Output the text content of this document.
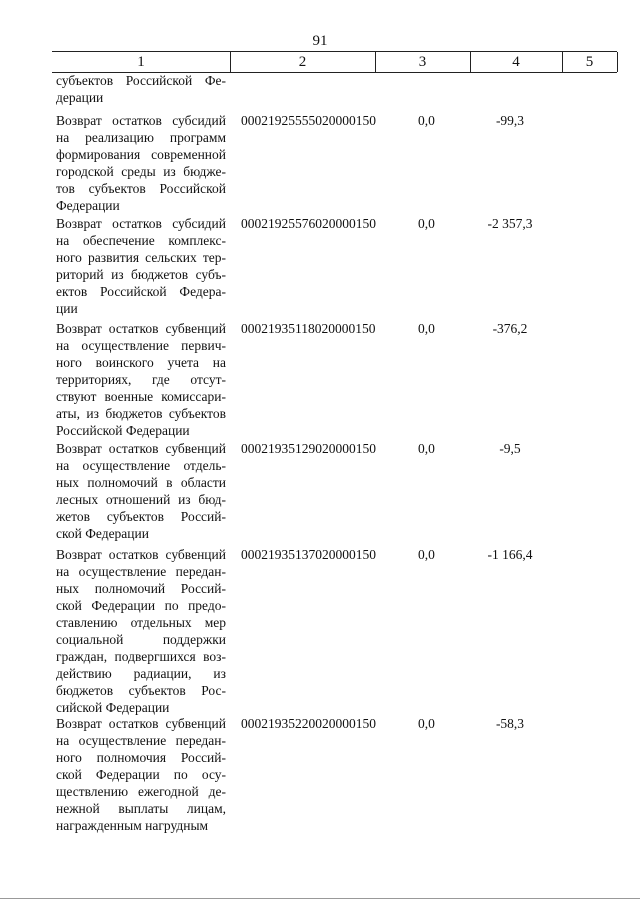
91
1	2	3	4	5
субъектов Российской Фе-
дерации
Возврат остатков субсидий
на реализацию программ
формирования современной
городской среды из бюдже-
тов субъектов Российской
Федерации
00021925555020000150	0,0	-99,3
Возврат остатков субсидий
на обеспечение комплекс-
ного развития сельских тер-
риторий из бюджетов субъ-
ектов Российской Федера-
ции
00021925576020000150	0,0	-2 357,3
Возврат остатков субвенций
на осуществление первич-
ного воинского учета на
территориях, где отсут-
ствуют военные комиссари-
аты, из бюджетов субъектов
Российской Федерации
00021935118020000150	0,0	-376,2
Возврат остатков субвенций
на осуществление отдель-
ных полномочий в области
лесных отношений из бюд-
жетов субъектов Россий-
ской Федерации
00021935129020000150	0,0	-9,5
Возврат остатков субвенций
на осуществление передан-
ных полномочий Россий-
ской Федерации по предо-
ставлению отдельных мер
социальной поддержки
граждан, подвергшихся воз-
действию радиации, из
бюджетов субъектов Рос-
сийской Федерации
00021935137020000150	0,0	-1 166,4
Возврат остатков субвенций
на осуществление передан-
ного полномочия Россий-
ской Федерации по осу-
ществлению ежегодной де-
нежной выплаты лицам,
награжденным нагрудным
00021935220020000150	0,0	-58,3
